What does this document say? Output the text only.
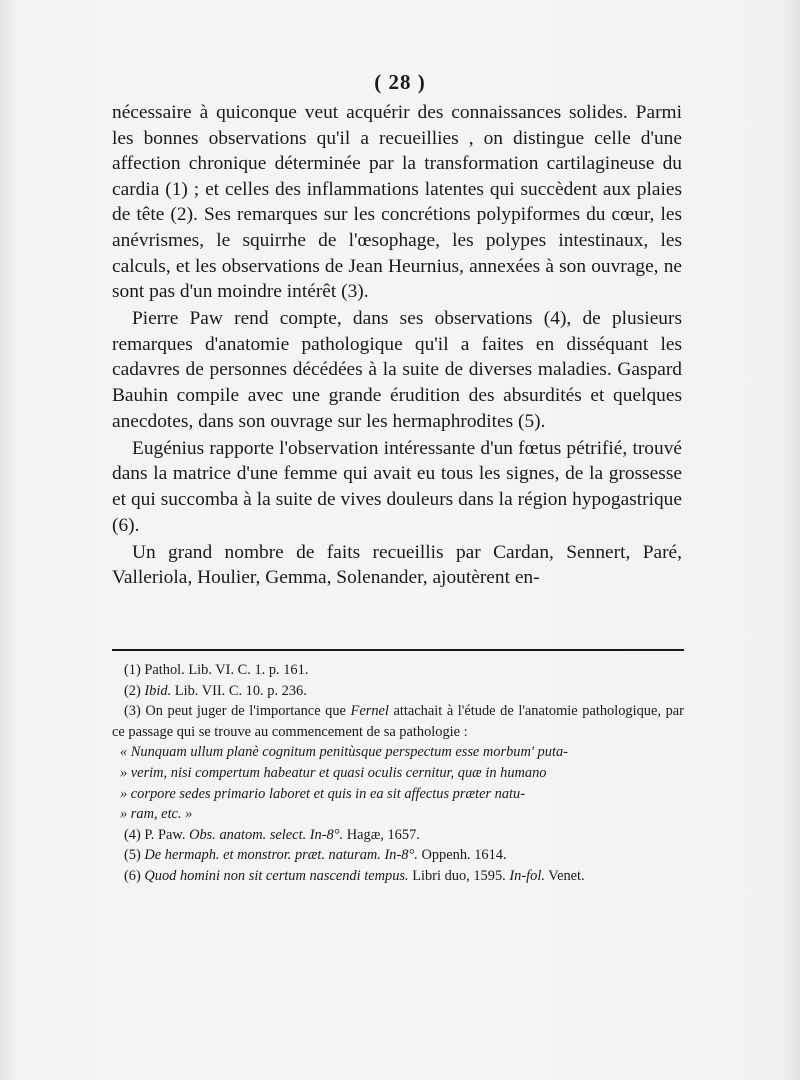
( 28 )

nécessaire à quiconque veut acquérir des connaissances solides. Parmi les bonnes observations qu'il a recueillies , on distingue celle d'une affection chronique déterminée par la transformation cartilagineuse du cardia (1) ; et celles des inflammations latentes qui succèdent aux plaies de tête (2). Ses remarques sur les concrétions polypiformes du cœur, les anévrismes, le squirrhe de l'œsophage, les polypes intestinaux, les calculs, et les observations de Jean Heurnius, annexées à son ouvrage, ne sont pas d'un moindre intérêt (3).

Pierre Paw rend compte, dans ses observations (4), de plusieurs remarques d'anatomie pathologique qu'il a faites en disséquant les cadavres de personnes décédées à la suite de diverses maladies. Gaspard Bauhin compile avec une grande érudition des absurdités et quelques anecdotes, dans son ouvrage sur les hermaphrodites (5).

Eugénius rapporte l'observation intéressante d'un fœtus pétrifié, trouvé dans la matrice d'une femme qui avait eu tous les signes, de la grossesse et qui succomba à la suite de vives douleurs dans la région hypogastrique (6).

Un grand nombre de faits recueillis par Cardan, Sennert, Paré, Valleriola, Houlier, Gemma, Solenander, ajoutèrent en-

(1) Pathol. Lib. VI. C. 1. p. 161.

(2) Ibid. Lib. VII. C. 10. p. 236.

(3) On peut juger de l'importance que Fernel attachait à l'étude de l'anatomie pathologique, par ce passage qui se trouve au commencement de sa pathologie :

« Nunquam ullum planè cognitum penitùsque perspectum esse morbum' puta-

» verim, nisi compertum habeatur et quasi oculis cernitur, quæ in humano

» corpore sedes primario laboret et quis in ea sit affectus præter natu-

» ram, etc. »

(4) P. Paw. Obs. anatom. select. In-8°. Hagæ, 1657.

(5) De hermaph. et monstror. præt. naturam. In-8°. Oppenh. 1614.

(6) Quod homini non sit certum nascendi tempus. Libri duo, 1595. In-fol. Venet.
